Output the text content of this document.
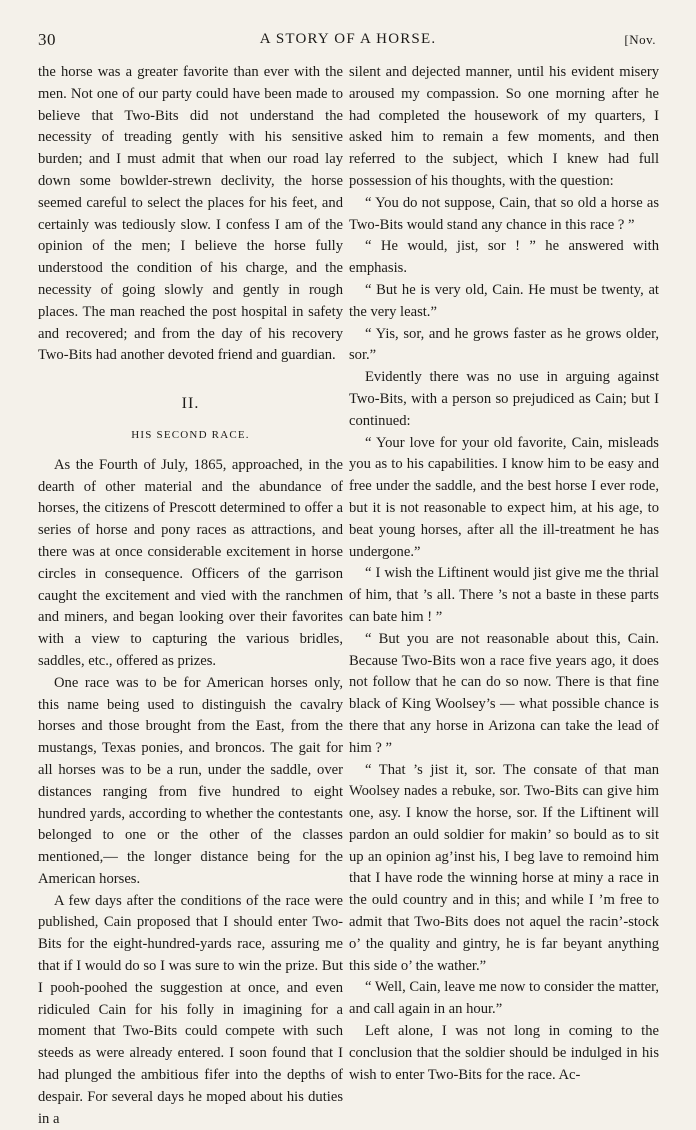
30	A STORY OF A HORSE.	[Nov.

the horse was a greater favorite than ever with the men. Not one of our party could have been made to believe that Two-Bits did not understand the necessity of treading gently with his sensitive burden; and I must admit that when our road lay down some bowlder-strewn declivity, the horse seemed careful to select the places for his feet, and certainly was tediously slow. I confess I am of the opinion of the men; I believe the horse fully understood the condition of his charge, and the necessity of going slowly and gently in rough places. The man reached the post hospital in safety and recovered; and from the day of his recovery Two-Bits had another devoted friend and guardian.

II.
HIS SECOND RACE.

As the Fourth of July, 1865, approached, in the dearth of other material and the abundance of horses, the citizens of Prescott determined to offer a series of horse and pony races as attractions, and there was at once considerable excitement in horse circles in consequence. Officers of the garrison caught the excitement and vied with the ranchmen and miners, and began looking over their favorites with a view to capturing the various bridles, saddles, etc., offered as prizes.

One race was to be for American horses only, this name being used to distinguish the cavalry horses and those brought from the East, from the mustangs, Texas ponies, and broncos. The gait for all horses was to be a run, under the saddle, over distances ranging from five hundred to eight hundred yards, according to whether the contestants belonged to one or the other of the classes mentioned,— the longer distance being for the American horses.

A few days after the conditions of the race were published, Cain proposed that I should enter Two-Bits for the eight-hundred-yards race, assuring me that if I would do so I was sure to win the prize. But I pooh-poohed the suggestion at once, and even ridiculed Cain for his folly in imagining for a moment that Two-Bits could compete with such steeds as were already entered. I soon found that I had plunged the ambitious fifer into the depths of despair. For several days he moped about his duties in a

silent and dejected manner, until his evident misery aroused my compassion. So one morning after he had completed the housework of my quarters, I asked him to remain a few moments, and then referred to the subject, which I knew had full possession of his thoughts, with the question:

“ You do not suppose, Cain, that so old a horse as Two-Bits would stand any chance in this race ? ”

“ He would, jist, sor ! ” he answered with emphasis.

“ But he is very old, Cain. He must be twenty, at the very least.”

“ Yis, sor, and he grows faster as he grows older, sor.”

Evidently there was no use in arguing against Two-Bits, with a person so prejudiced as Cain; but I continued:

“ Your love for your old favorite, Cain, misleads you as to his capabilities. I know him to be easy and free under the saddle, and the best horse I ever rode, but it is not reasonable to expect him, at his age, to beat young horses, after all the ill-treatment he has undergone.”

“ I wish the Liftinent would jist give me the thrial of him, that ’s all. There ’s not a baste in these parts can bate him ! ”

“ But you are not reasonable about this, Cain. Because Two-Bits won a race five years ago, it does not follow that he can do so now. There is that fine black of King Woolsey’s — what possible chance is there that any horse in Arizona can take the lead of him ? ”

“ That ’s jist it, sor. The consate of that man Woolsey nades a rebuke, sor. Two-Bits can give him one, asy. I know the horse, sor. If the Liftinent will pardon an ould soldier for makin’ so bould as to sit up an opinion ag’inst his, I beg lave to remoind him that I have rode the winning horse at miny a race in the ould country and in this; and while I ’m free to admit that Two-Bits does not aquel the racin’-stock o’ the quality and gintry, he is far beyant anything this side o’ the wather.”

“ Well, Cain, leave me now to consider the matter, and call again in an hour.”

Left alone, I was not long in coming to the conclusion that the soldier should be indulged in his wish to enter Two-Bits for the race. Ac-
